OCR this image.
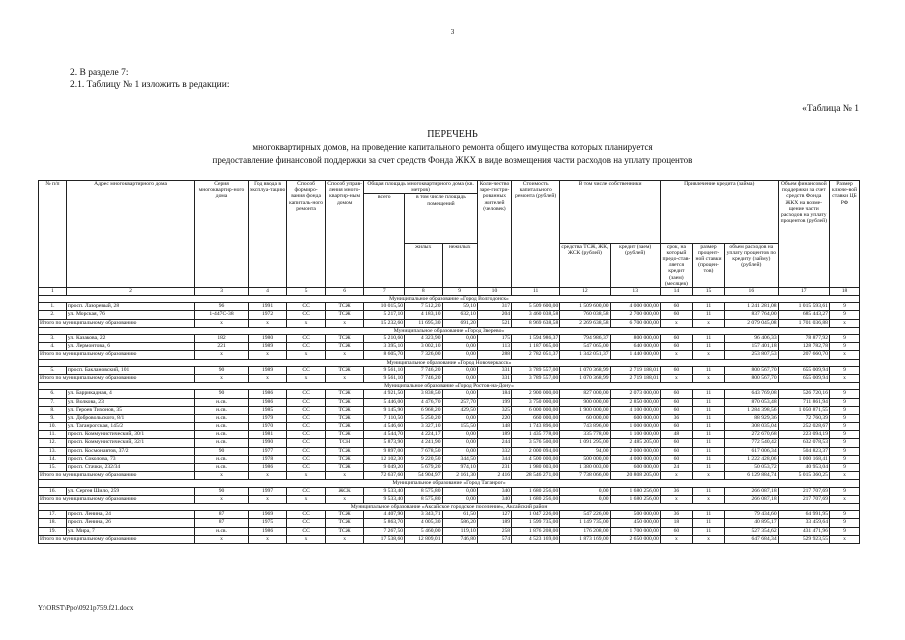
3
2. В разделе 7:
2.1. Таблицу № 1 изложить в редакции:
«Таблица № 1
ПЕРЕЧЕНЬ
многоквартирных домов, на проведение капитального ремонта общего имущества которых планируется
предоставление финансовой поддержки за счет средств Фонда ЖКХ в виде возмещения части расходов на уплату процентов
№ п/п	Адрес многоквартирного дома	Серия многоквартир-ного дома	Год ввода в эксплуа-тацию	Способ формиро-вания фонда капиталь-ного ремонта	Способ управ-ления много-квартир-ным домом	Общая площадь многоквартирного дома (кв. метров)			Коли-чество заре-гистри-рованных жителей (человек)	Стоимость капитального ремонта (рублей)	В том числе собственники		Привлечение кредита (займа)			Объем финансовой поддержки за счет средств Фонда ЖКХ на возме-щение части расходов на уплату процентов (рублей)	Размер ключе-вой ставки ЦБ РФ
						всего	в том числе площадь помещений										
							жилых	нежилых			средства ТСЖ, ЖК, ЖСК (рублей)	кредит (заем) (рублей)	срок, на который предо-став-ляется кредит (заем) (месяцев)	размер процент-ной ставки (процен-тов)	объем расходов на уплату процентов по кредиту (займу) (рублей)		
1	2	3	4	5	6	7	8	9	10	11	12	13	14	15	16	17	18
Муниципальное образование «Город Волгодонск»																	
1.	просп. Лазоревый, 28	96	1991	СС	ТСЖ	10 015,50	7 512,20	59,10	317	5 509 600,00	1 509 600,00	4 000 000,00	60	11	1 241 281,08	1 015 593,61	9
2.	ул. Морская, 76	1-447С-38	1972	СС	ТСЖ	5 217,10	4 183,10	632,10	204	3 460 038,58	760 038,58	2 700 000,00	60	11	837 764,00	685 443,27	9
Итого по муниципальному образованию		х	х	х	х	15 232,60	11 695,30	691,20	521	8 969 638,58	2 269 638,58	6 700 000,00	х	х	2 079 045,08	1 701 036,88	х
Муниципальное образование «Город Зверево»																	
3.	ул. Казакова, 22	182	1980	СС	ТСЖ	5 210,60	4 323,90	0,00	175	1 594 986,37	794 986,37	800 000,00	60	11	96 406,33	78 877,92	9
4.	ул. Лермонтова, 6	221	1989	СС	ТСЖ	3 395,10	3 002,10	0,00	113	1 187 065,00	547 065,00	640 000,00	60	11	157 401,18	128 782,78	9
Итого по муниципальному образованию		х	х	х	х	8 605,70	7 326,00	0,00	288	2 782 051,37	1 342 051,37	1 440 000,00	х	х	253 807,53	207 660,70	х
Муниципальное образование «Город Новочеркасск»																	
5.	просп. Баклановский, 101	90	1989	СС	ТСЖ	9 561,10	7 746,20	0,00	331	3 789 557,00	1 070 368,99	2 719 188,01	60	11	800 567,70	655 009,94	9
Итого по муниципальному образованию		х	х	х	х	9 561,10	7 746,20	0,00	331	3 789 557,00	1 070 368,99	2 719 188,01	х	х	800 567,70	655 009,94	х
Муниципальное образование «Город Ростов-на-Дону»																	
6.	ул. Баррикадная, 4	90	1986	СС	ТСЖ	4 921,50	3 838,50	0,00	184	2 900 000,00	827 000,00	2 073 000,00	60	11	643 769,08	526 720,16	9
7.	ул. Волкова, 23	н.св.	1986	СС	ТСЖ	5 446,00	4 476,70	257,70	199	3 750 000,00	900 000,00	2 850 000,00	60	11	870 053,48	711 861,94	9
8.	ул. Героев Тихонов, 35	н.св.	1985	СС	ТСЖ	9 145,90	6 968,20	429,50	325	6 000 000,00	1 900 000,00	4 100 000,00	60	11	1 284 398,56	1 050 871,55	9
9.	ул. Добровольского, 8/1	н.св.	1979	СС	ТСЖ	7 110,50	5 250,20	0,00	220	660 000,00	60 000,00	600 000,00	36	11	88 929,36	72 760,39	9
10.	ул. Таганрогская, 145/2	н.св.	1970	СС	ТСЖ	4 546,60	3 327,10	155,50	148	1 743 896,00	743 896,00	1 000 000,00	60	11	308 035,04	252 028,67	9
11.	просп. Коммунистический, 30/1	н.св.	1981	СС	ТСЖ	4 544,70	4 224,17	0,00	189	1 435 778,00	335 778,00	1 100 000,00	48	11	272 670,68	223 094,19	9
12.	просп. Коммунистический, 32/1	н.св.	1990	СС	ТСН	5 873,90	4 241,90	0,00	244	3 576 500,00	1 091 295,00	2 485 205,00	60	11	772 540,42	632 078,53	9
13.	просп. Космонавтов, 37/2	90	1977	СС	ТСЖ	9 897,00	7 678,50	0,00	332	2 000 094,00	94,00	2 000 000,00	60	11	617 006,34	504 823,37	9
14.	просп. Соколова, 73	н.св.	1978	СС	ТСЖ	12 102,30	9 220,50	344,50	344	4 500 000,00	500 000,00	4 000 000,00	60	11	1 222 428,06	1 000 168,41	9
15.	просп. Стачки, 232/34	н.св.	1986	СС	ТСЖ	9 049,20	5 679,20	974,10	231	1 980 003,00	1 380 003,00	600 000,00	24	11	50 053,72	40 953,04	9
Итого по муниципальному образованию		х	х	х	х	72 637,60	54 904,97	2 161,30	2 416	28 546 271,00	7 738 066,00	20 808 205,00	х	х	6 129 884,74	5 015 360,25	х
Муниципальное образование «Город Таганрог»																	
16.	ул. Сергея Шило, 259	90	1997	СС	ЖСК	9 533,40	8 575,80	0,00	340	1 680 256,00	0,00	1 680 256,00	36	11	266 087,18	217 707,69	9
Итого по муниципальному образованию		х	х	х	х	9 533,40	8 575,80	0,00	340	1 680 256,00	0,00	1 680 256,00	х	х	266 087,18	217 707,69	х
Муниципальное образование «Аксайское городское поселение», Аксайский район																	
17.	просп. Ленина, 24	87	1969	СС	ТСЖ	4 407,90	3 343,71	61,50	127	1 047 226,00	547 226,00	500 000,00	36	11	79 434,60	64 991,95	9
18.	просп. Ленина, 26	87	1975	СС	ТСЖ	5 863,70	4 005,30	586,20	189	1 599 735,00	1 149 735,00	450 000,00	18	11	40 895,17	33 459,64	9
19.	ул. Мира, 7	н.св.	1986	СС	ТСЖ	7 267,50	5 460,00	119,10	258	1 876 208,00	176 208,00	1 700 000,00	60	11	527 354,62	431 471,96	9
Итого по муниципальному образованию		х	х	х	х	17 538,60	12 809,01	746,80	574	4 523 169,00	1 873 169,00	2 650 000,00	х	х	647 684,34	529 923,55	х
Y:\ORST\Ppo\0921p759.f21.docx
